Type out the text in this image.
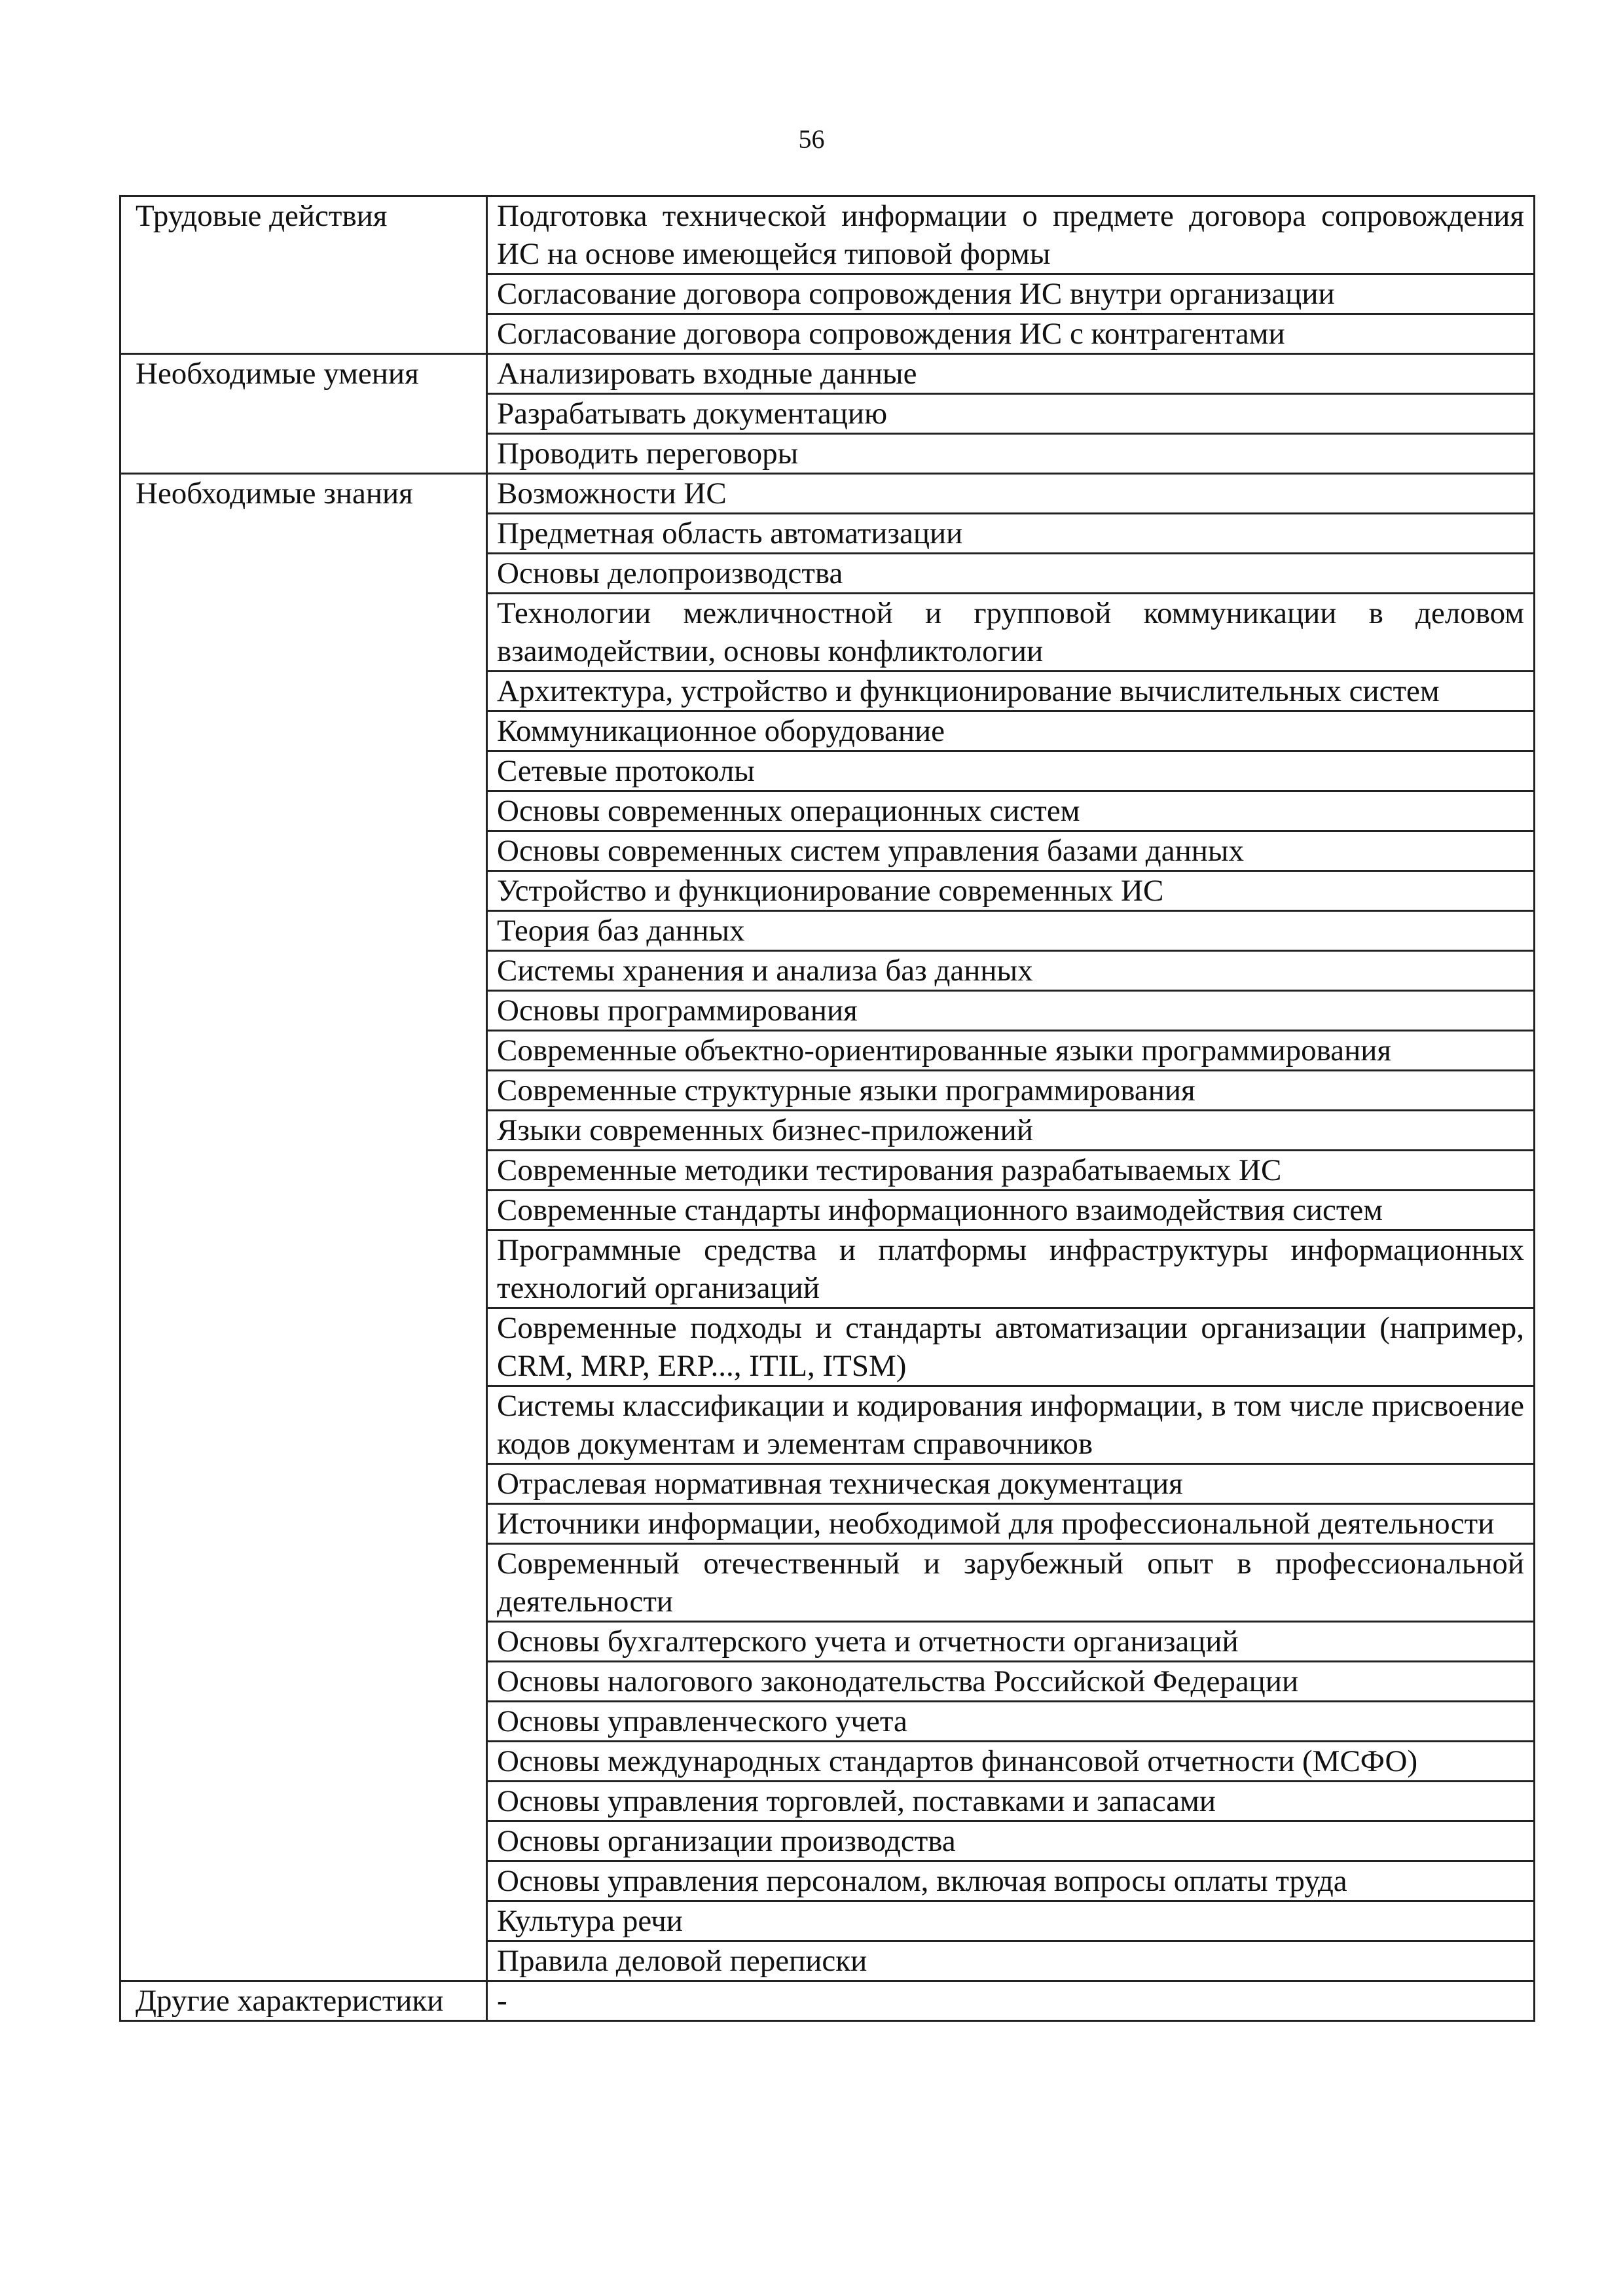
56
Трудовые действия	Подготовка технической информации о предмете договора сопровождения ИС на основе имеющейся типовой формы
	Согласование договора сопровождения ИС внутри организации
	Согласование договора сопровождения ИС с контрагентами
Необходимые умения	Анализировать входные данные
	Разрабатывать документацию
	Проводить переговоры
Необходимые знания	Возможности ИС
	Предметная область автоматизации
	Основы делопроизводства
	Технологии межличностной и групповой коммуникации в деловом взаимодействии, основы конфликтологии
	Архитектура, устройство и функционирование вычислительных систем
	Коммуникационное оборудование
	Сетевые протоколы
	Основы современных операционных систем
	Основы современных систем управления базами данных
	Устройство и функционирование современных ИС
	Теория баз данных
	Системы хранения и анализа баз данных
	Основы программирования
	Современные объектно-ориентированные языки программирования
	Современные структурные языки программирования
	Языки современных бизнес-приложений
	Современные методики тестирования разрабатываемых ИС
	Современные стандарты информационного взаимодействия систем
	Программные средства и платформы инфраструктуры информационных технологий организаций
	Современные подходы и стандарты автоматизации организации (например, CRM, MRP, ERP..., ITIL, ITSM)
	Системы классификации и кодирования информации, в том числе присвоение кодов документам и элементам справочников
	Отраслевая нормативная техническая документация
	Источники информации, необходимой для профессиональной деятельности
	Современный отечественный и зарубежный опыт в профессиональной деятельности
	Основы бухгалтерского учета и отчетности организаций
	Основы налогового законодательства Российской Федерации
	Основы управленческого учета
	Основы международных стандартов финансовой отчетности (МСФО)
	Основы управления торговлей, поставками и запасами
	Основы организации производства
	Основы управления персоналом, включая вопросы оплаты труда
	Культура речи
	Правила деловой переписки
Другие характеристики	-
